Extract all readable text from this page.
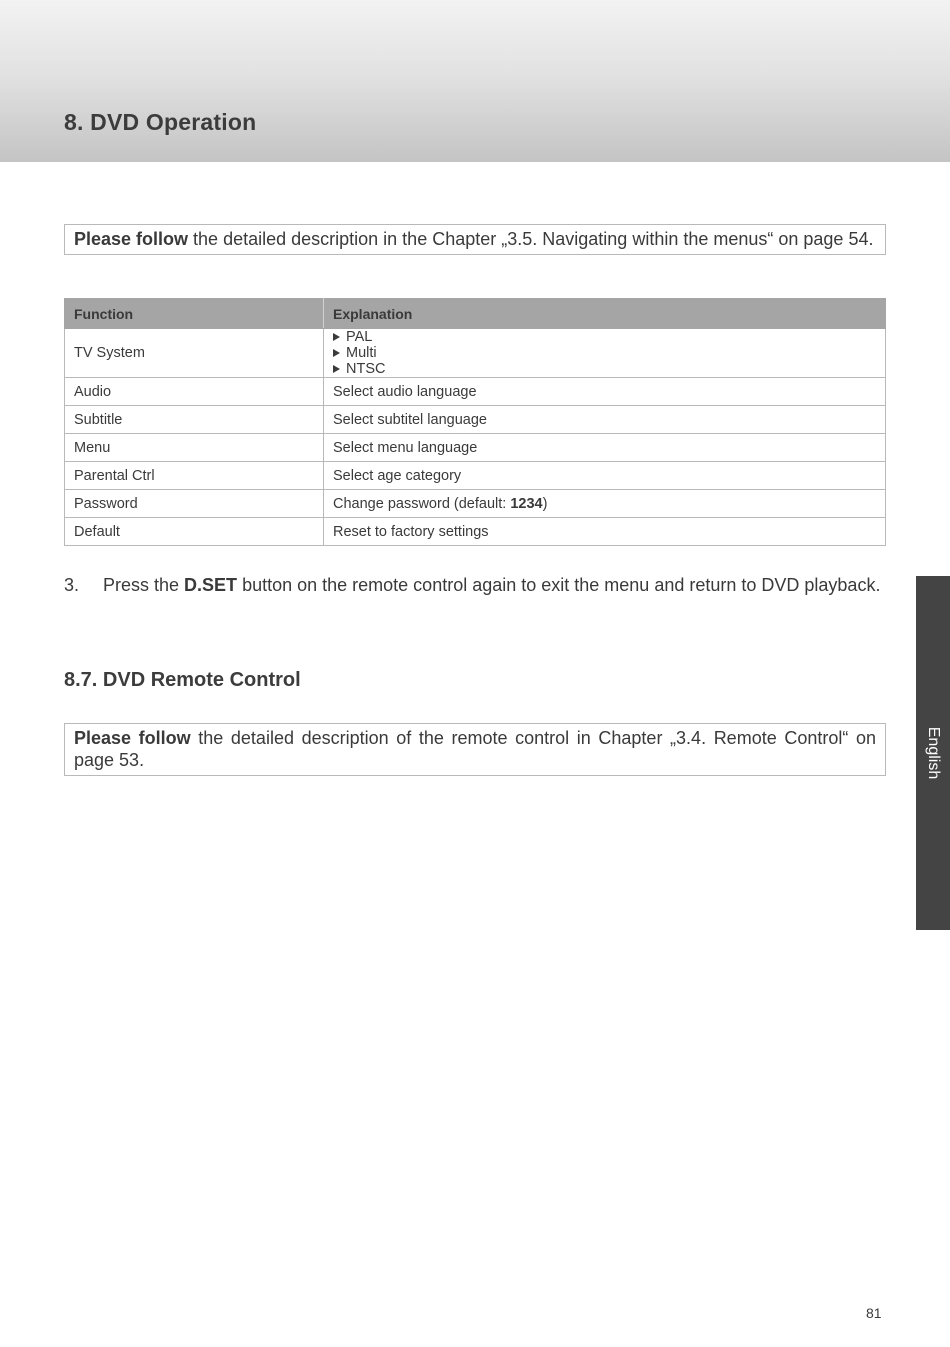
8. DVD Operation
Please follow the detailed description in the Chapter „3.5. Navigating within the menus“ on page 54.
Function	Explanation
TV System	PAL
Multi
NTSC

Audio	Select audio language
Subtitle	Select subtitel language
Menu	Select menu language
Parental Ctrl	Select age category
Password	Change password (default: 1234)
Default	Reset to factory settings
3. Press the D.SET button on the remote control again to exit the menu and return to DVD playback.
8.7. DVD Remote Control
Please follow the detailed description of the remote control in Chapter „3.4. Remote Control“ on page 53.	English
81
